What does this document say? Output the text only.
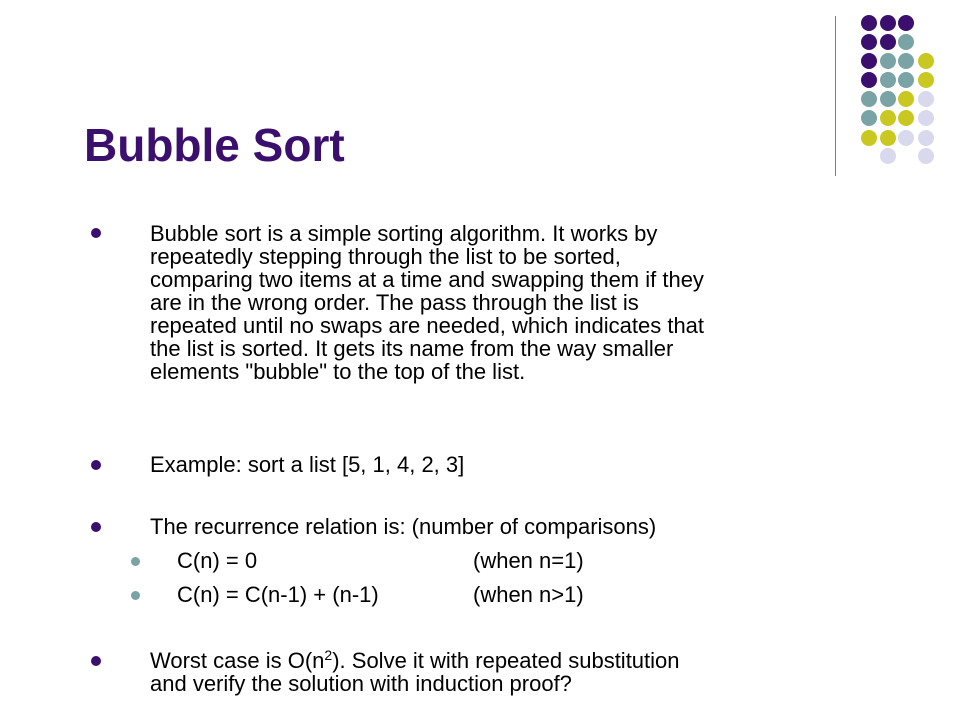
Bubble Sort
Bubble sort is a simple sorting algorithm. It works by
repeatedly stepping through the list to be sorted,
comparing two items at a time and swapping them if they
are in the wrong order. The pass through the list is
repeated until no swaps are needed, which indicates that
the list is sorted. It gets its name from the way smaller
elements "bubble" to the top of the list.
Example: sort a list [5, 1, 4, 2, 3]
The recurrence relation is: (number of comparisons)
C(n) = 0	(when n=1)
C(n) = C(n-1) + (n-1)	(when n>1)
Worst case is $O(n^2)$. Solve it with repeated substitution
and verify the solution with induction proof?
